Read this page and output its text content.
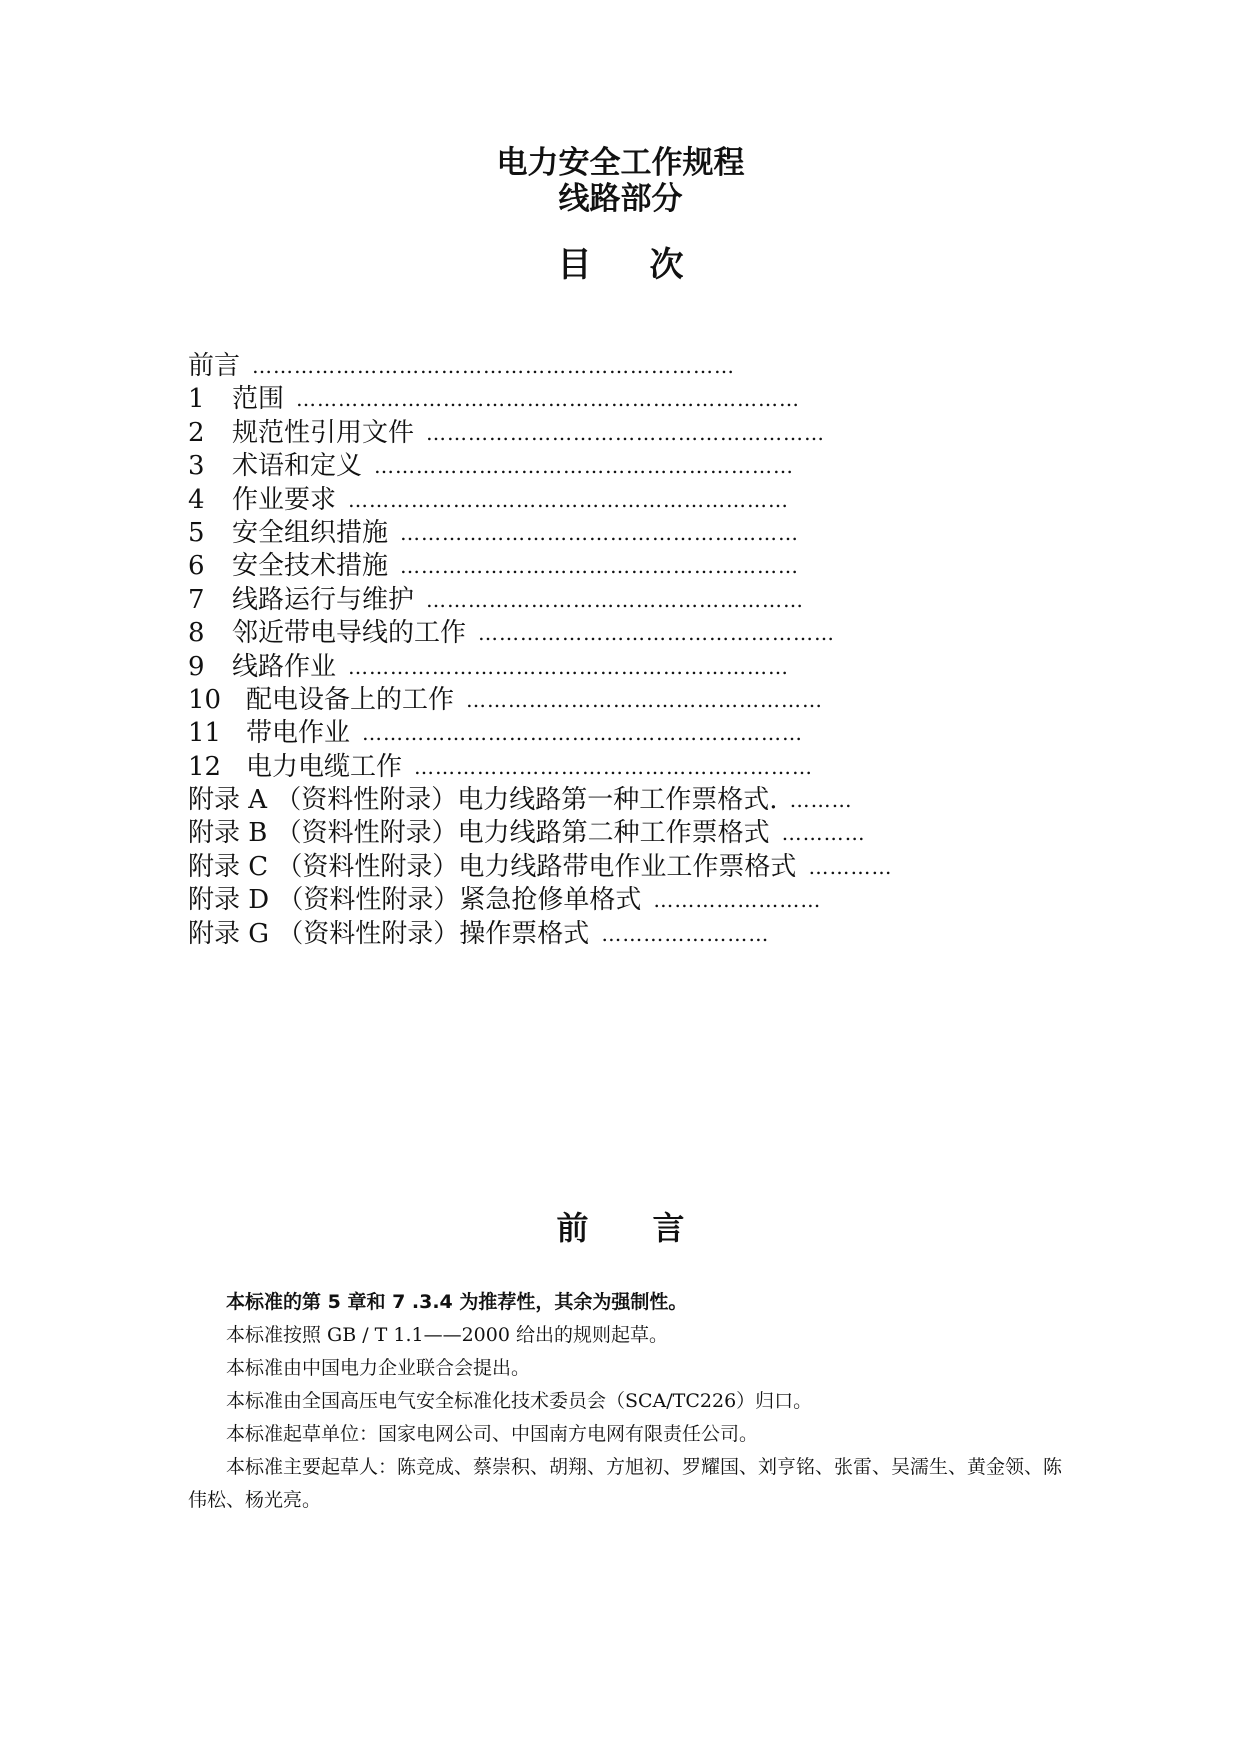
电力安全工作规程
线路部分
目次
前言 ……………………………………………………………
1	范围 ………………………………………………………………
2	规范性引用文件 …………………………………………………
3	术语和定义 ……………………………………………………
4	作业要求 ………………………………………………………
5	安全组织措施 …………………………………………………
6	安全技术措施 …………………………………………………
7	线路运行与维护 ………………………………………………
8	邻近带电导线的工作 ……………………………………………
9	线路作业 ………………………………………………………
10 配电设备上的工作 ……………………………………………
11 带电作业 ………………………………………………………
12 电力电缆工作 …………………………………………………
附录 A （资料性附录）电力线路第一种工作票格式. ………
附录 B （资料性附录）电力线路第二种工作票格式 …………
附录 C （资料性附录）电力线路带电作业工作票格式 …………
附录 D （资料性附录）紧急抢修单格式 ……………………
附录 G （资料性附录）操作票格式 ……………………
前言

本标准的第 5 章和 7 .3.4 为推荐性，其余为强制性。

本标准按照 GB / T 1.1——2000 给出的规则起草。

本标准由中国电力企业联合会提出。

本标准由全国高压电气安全标准化技术委员会（SCA/TC226）归口。

本标准起草单位：国家电网公司、中国南方电网有限责任公司。

本标准主要起草人：陈竞成、蔡崇积、胡翔、方旭初、罗耀国、刘亨铭、张雷、吴濡生、黄金领、陈伟松、杨光亮。
